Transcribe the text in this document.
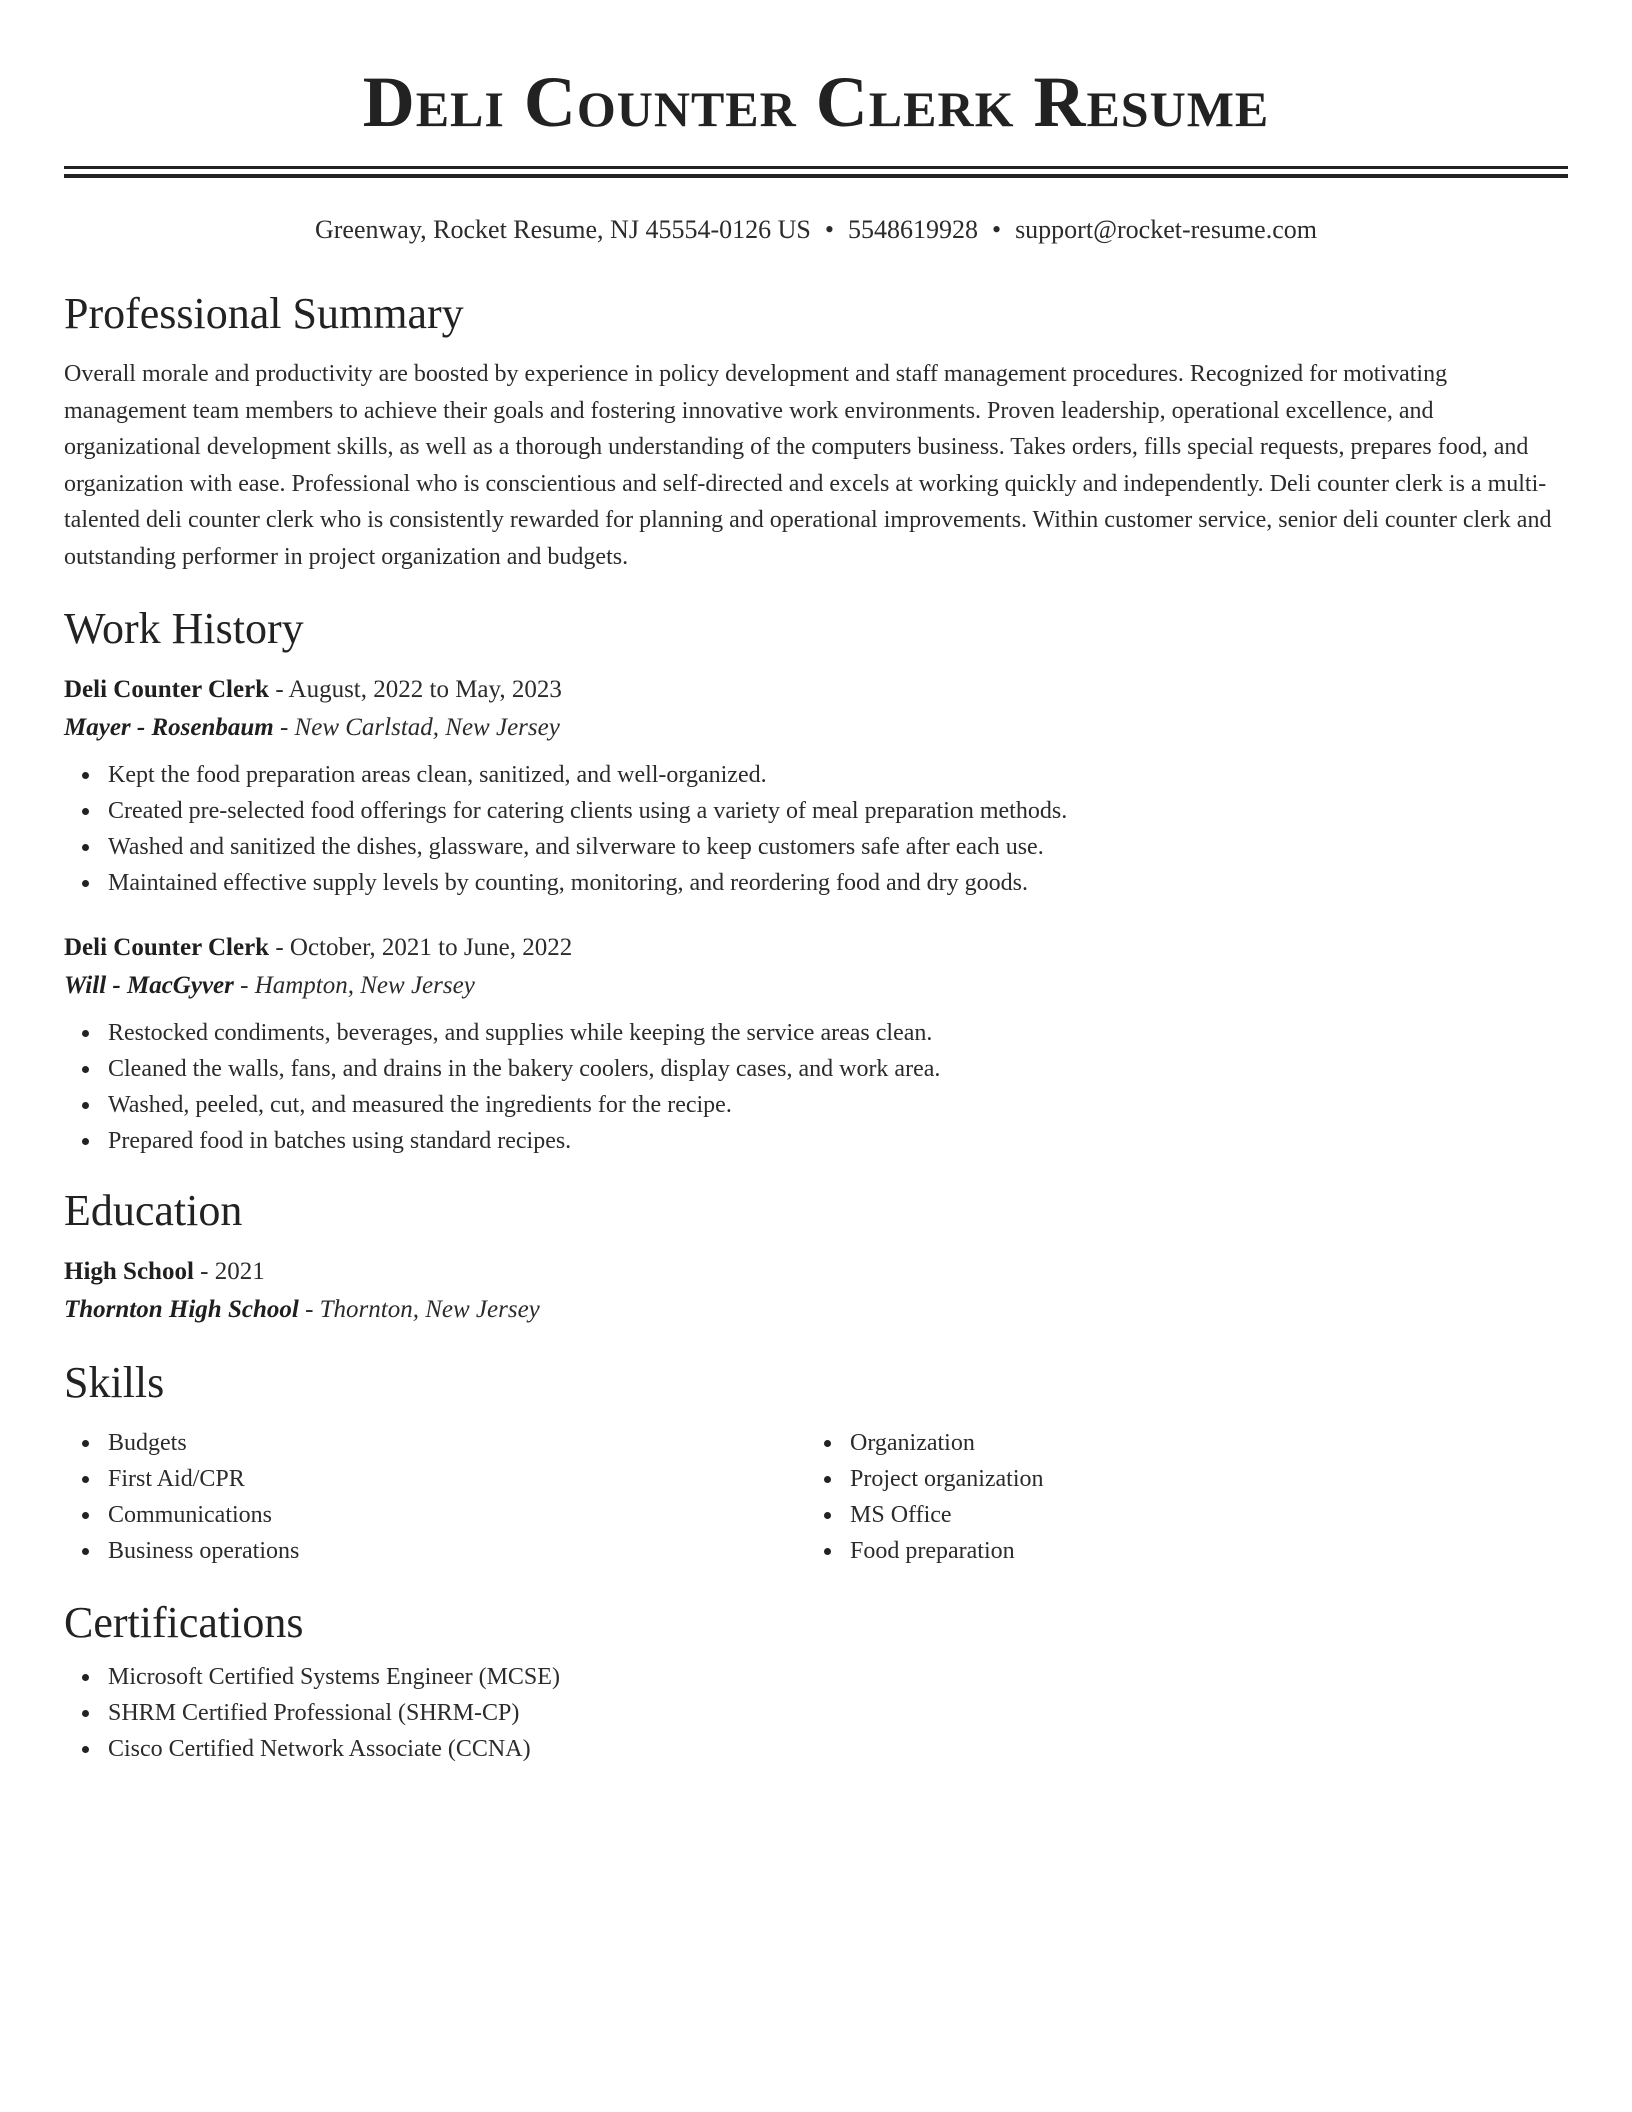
Deli Counter Clerk Resume
Greenway, Rocket Resume, NJ 45554-0126 US • 5548619928 • support@rocket-resume.com
Professional Summary
Overall morale and productivity are boosted by experience in policy development and staff management procedures. Recognized for motivating management team members to achieve their goals and fostering innovative work environments. Proven leadership, operational excellence, and organizational development skills, as well as a thorough understanding of the computers business. Takes orders, fills special requests, prepares food, and organization with ease. Professional who is conscientious and self-directed and excels at working quickly and independently. Deli counter clerk is a multi-talented deli counter clerk who is consistently rewarded for planning and operational improvements. Within customer service, senior deli counter clerk and outstanding performer in project organization and budgets.
Work History
Deli Counter Clerk - August, 2022 to May, 2023
Mayer - Rosenbaum - New Carlstad, New Jersey
Kept the food preparation areas clean, sanitized, and well-organized.
Created pre-selected food offerings for catering clients using a variety of meal preparation methods.
Washed and sanitized the dishes, glassware, and silverware to keep customers safe after each use.
Maintained effective supply levels by counting, monitoring, and reordering food and dry goods.
Deli Counter Clerk - October, 2021 to June, 2022
Will - MacGyver - Hampton, New Jersey
Restocked condiments, beverages, and supplies while keeping the service areas clean.
Cleaned the walls, fans, and drains in the bakery coolers, display cases, and work area.
Washed, peeled, cut, and measured the ingredients for the recipe.
Prepared food in batches using standard recipes.
Education
High School - 2021
Thornton High School - Thornton, New Jersey
Skills
Budgets
First Aid/CPR
Communications
Business operations
Organization
Project organization
MS Office
Food preparation
Certifications
Microsoft Certified Systems Engineer (MCSE)
SHRM Certified Professional (SHRM-CP)
Cisco Certified Network Associate (CCNA)
